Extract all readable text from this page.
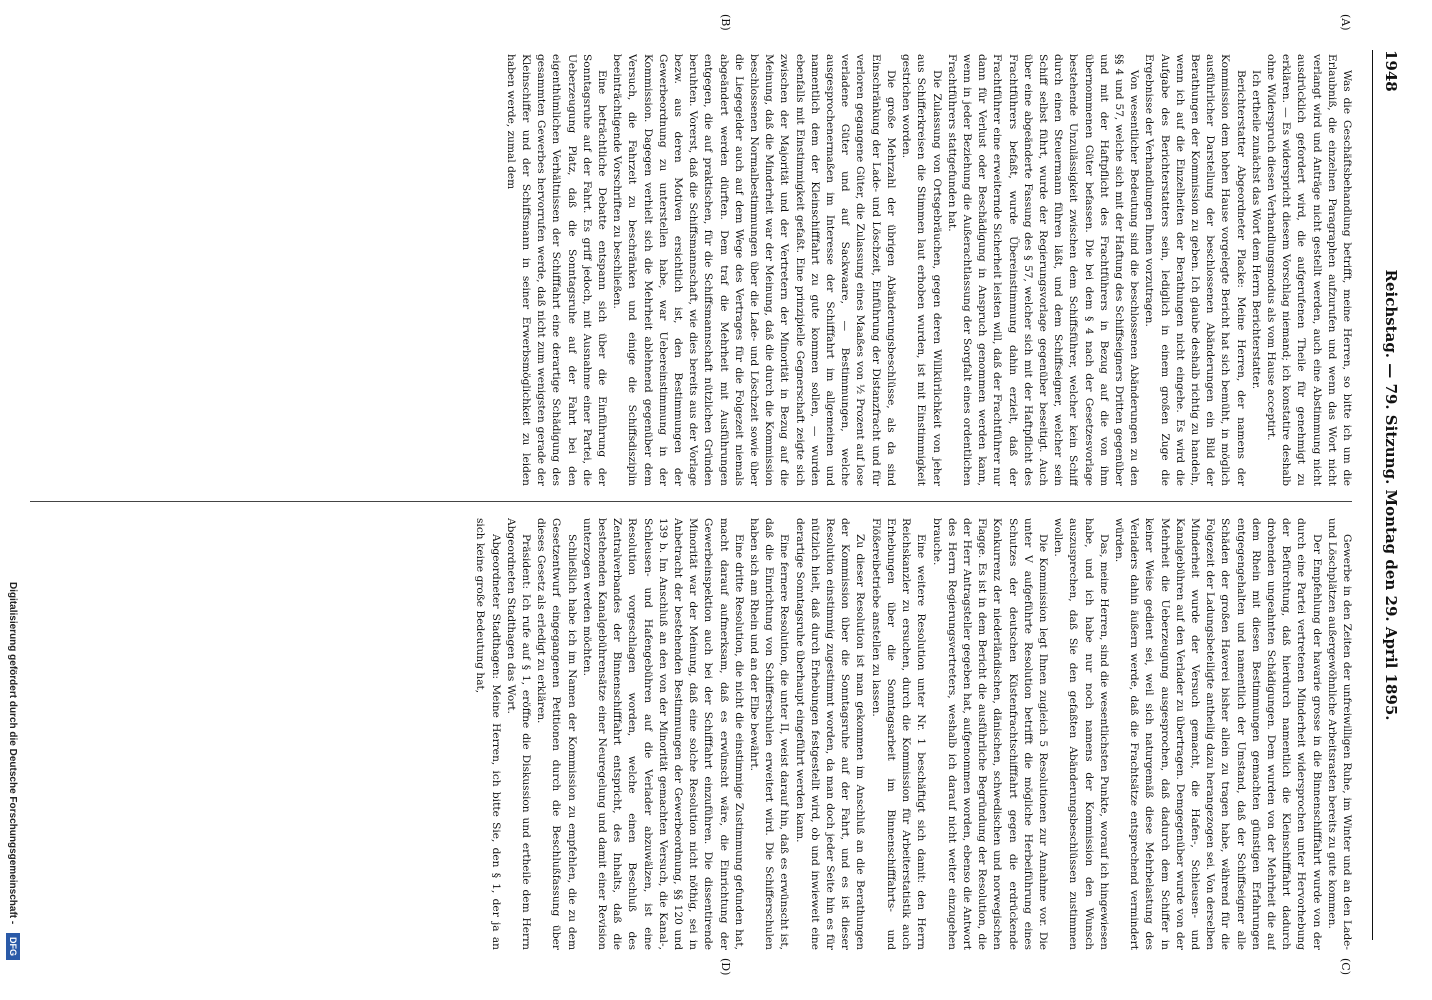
1948
Reichstag. — 79. Sitzung. Montag den 29. April 1895.
(A)
(B)
(C)
(D)

Was die Geschäftsbehandlung betrifft, meine Herren, so bitte ich um die Erlaubniß, die einzelnen Paragraphen aufzurufen und wenn das Wort nicht verlangt wird und Anträge nicht gestellt werden, auch eine Abstimmung nicht ausdrücklich gefordert wird, die aufgerufenen Theile für genehmigt zu erklären. — Es widerspricht diesem Vorschlag niemand; ich konstatire deshalb ohne Widerspruch diesen Verhandlungsmodus als vom Hause acceptirt.

Ich ertheile zunächst das Wort dem Herrn Berichterstatter.

Berichterstatter Abgeordneter Placke: Meine Herren, der namens der Kommission dem hohen Hause vorgelegte Bericht hat sich bemüht, in möglich ausführlicher Darstellung der beschlossenen Abänderungen ein Bild der Berathungen der Kommission zu geben. Ich glaube deshalb richtig zu handeln, wenn ich auf die Einzelheiten der Berathungen nicht eingehe. Es wird die Aufgabe des Berichterstatters sein, lediglich in einem großen Zuge die Ergebnisse der Verhandlungen Ihnen vorzutragen.

Von wesentlicher Bedeutung sind die beschlossenen Abänderungen zu den §§ 4 und 57, welche sich mit der Haftung des Schiffseigners Dritten gegenüber und mit der Haftpflicht des Frachtführers in Bezug auf die von ihm übernommenen Güter befassen. Die bei dem § 4 nach der Gesetzesvorlage bestehende Unzulässigkeit zwischen dem Schiffsführer, welcher kein Schiff durch einen Steuermann führen läßt, und dem Schiffseigner, welcher sein Schiff selbst führt, wurde der Regierungsvorlage gegenüber beseitigt. Auch über eine abgeänderte Fassung des § 57, welcher sich mit der Haftpflicht des Frachtführers befaßt, wurde Übereinstimmung dahin erzielt, daß der Frachtführer eine erweiternde Sicherheit leisten will, daß der Frachtführer nur dann für Verlust oder Beschädigung in Anspruch genommen werden kann, wenn in jeder Beziehung die Außerachtlassung der Sorgfalt eines ordentlichen Frachtführers stattgefunden hat.

Die Zulassung von Ortsgebräuchen, gegen deren Willkürlichkeit von jeher aus Schifferkreisen die Stimmen laut erhoben wurden, ist mit Einstimmigkeit gestrichen worden.

Die große Mehrzahl der übrigen Abänderungsbeschlüsse, als da sind Einschränkung der Lade- und Löschzeit, Einführung der Distanzfracht und für verloren gegangene Güter, die Zulassung eines Maaßes von ½ Prozent auf lose verladene Güter und auf Sackwaare, — Bestimmungen, welche ausgesprochenermaßen im Interesse der Schifffahrt im allgemeinen und namentlich dem der Kleinschifffahrt zu gute kommen sollen, — wurden ebenfalls mit Einstimmigkeit gefaßt. Eine prinzipielle Gegnerschaft zeigte sich zwischen der Majorität und der Vertretern der Minorität in Bezug auf die Meinung, daß die Minderheit war der Meinung, daß die durch die Kommission beschlossenen Normalbestimmungen über die Lade- und Löschzeit sowie über die Liegegelder auch auf dem Wege des Vertrages für die Folgezeit niemals abgeändert werden dürften. Dem traf die Mehrheit mit Ausführungen entgegen, die auf praktischen, für die Schiffsmannschaft nützlichen Gründen beruhten. Vorerst, daß die Schiffsmannschaft, wie dies bereits aus der Vorlage bezw. aus deren Motiven ersichtlich ist, den Bestimmungen der Gewerbeordnung zu unterstellen habe, war Uebereinstimmung in der Kommission. Dagegen verhielt sich die Mehrheit ablehnend gegenüber dem Versuch, die Fahrzeit zu beschränken und einige die Schiffsdisziplin beeinträchtigende Vorschriften zu beschließen.

Eine beträchtliche Debatte entspann sich über die Einführung der Sonntagsruhe auf der Fahrt. Es griff jedoch, mit Ausnahme einer Partei, die Ueberzeugung Platz, daß die Sonntagsruhe auf der Fahrt bei den eigenthümlichen Verhältnissen der Schifffahrt eine derartige Schädigung des gesammten Gewerbes hervorrufen werde, daß nicht zum wenigsten gerade der Kleinschiffer und der Schiffsmann in seiner Erwerbsmöglichkeit zu leiden haben werde, zumal dem

Gewerbe in den Zeiten der unfreiwilligen Ruhe, im Winter und an den Lade- und Löschplätzen außergewöhnliche Arbeitsrasten bereits zu gute kommen.

Der Empfehlung der havarie grosse in die Binnenschifffahrt wurde von der durch eine Partei vertretenen Minderheit widersprochen unter Hervorhebung der Befürchtung, daß hierdurch namentlich die Kleinschifffahrt dadurch drohenden ungeahnten Schädigungen. Dem wurden von der Mehrheit die auf dem Rhein mit diesen Bestimmungen gemachten günstigen Erfahrungen entgegengehalten und namentlich der Umstand, daß der Schiffseigner alle Schäden der großen Haverei bisher allein zu tragen habe, während für die Folgezeit der Ladungsbeteiligte antheilig dazu herangezogen sei. Von derselben Minderheit wurde der Versuch gemacht, die Hafen-, Schleusen- und Kanalgebühren auf den Verlader zu übertragen. Demgegenüber wurde von der Mehrheit die Ueberzeugung ausgesprochen, daß dadurch dem Schiffer in keiner Weise gedient sei, weil sich naturgemäß diese Mehrbelastung des Verladers dahin äußern werde, daß die Frachtsätze entsprechend vermindert würden.

Das, meine Herren, sind die wesentlichsten Punkte, worauf ich hingewiesen habe, und ich habe nur noch namens der Kommission den Wunsch auszusprechen, daß Sie den gefaßten Abänderungsbeschlüssen zustimmen wollen.

Die Kommission legt Ihnen zugleich 5 Resolutionen zur Annahme vor. Die unter V aufgeführte Resolution betrifft die mögliche Herbeiführung eines Schutzes der deutschen Küstenfrachtschifffahrt gegen die erdrückende Konkurrenz der niederländischen, dänischen, schwedischen und norwegischen Flagge. Es ist in dem Bericht die ausführliche Begründung der Resolution, die der Herr Antragsteller gegeben hat, aufgenommen worden, ebenso die Antwort des Herrn Regierungsvertreters, weshalb ich darauf nicht weiter einzugehen brauche.

Eine weitere Resolution unter Nr. 1 beschäftigt sich damit: den Herrn Reichskanzler zu ersuchen, durch die Kommission für Arbeiterstatistik auch Erhebungen über die Sonntagsarbeit im Binnenschifffahrts- und Flößereibetriebe anstellen zu lassen.

Zu dieser Resolution ist man gekommen im Anschluß an die Berathungen der Kommission über die Sonntagsruhe auf der Fahrt, und es ist dieser Resolution einstimmig zugestimmt worden, da man doch jeder Seite hin es für nützlich hielt, daß durch Erhebungen festgestellt wird, ob und inwieweit eine derartige Sonntagsruhe überhaupt eingeführt werden kann.

Eine fernere Resolution, die unter II, weist darauf hin, daß es erwünscht ist, daß die Einrichtung von Schifferschulen erweitert wird. Die Schifferschulen haben sich am Rhein und an der Elbe bewährt.

Eine dritte Resolution, die nicht die einstimmige Zustimmung gefunden hat, macht darauf aufmerksam, daß es erwünscht wäre, die Einrichtung der Gewerbeinspektion auch bei der Schifffahrt einzuführen. Die dissentirende Minorität war der Meinung, daß eine solche Resolution nicht nöthig, sei in Anbetracht der bestehenden Bestimmungen der Gewerbeordnung, §§ 120 und 139 b. Im Anschluß an den von der Minorität gemachten Versuch, die Kanal-, Schleusen- und Hafengebühren auf die Verlader abzuwälzen, ist eine Resolution vorgeschlagen worden, welche einen Beschluß des Zentralverbandes der Binnenschifffahrt entspricht, des Inhalts, daß die bestehenden Kanalgebührensätze einer Neuregelung und damit einer Revision unterzogen werden möchten.

Schließlich habe ich im Namen der Kommission zu empfehlen, die zu dem Gesetzentwurf eingegangenen Petitionen durch die Beschlußfassung über dieses Gesetz als erledigt zu erklären.

Präsident: Ich rufe auf § 1, eröffne die Diskussion und ertheile dem Herrn Abgeordneten Stadthagen das Wort.

Abgeordneter Stadthagen: Meine Herren, ich bitte Sie, den § 1, der ja an sich keine große Bedeutung hat,

Digitalisierung gefördert durch die Deutsche Forschungsgemeinschaft - DFG
